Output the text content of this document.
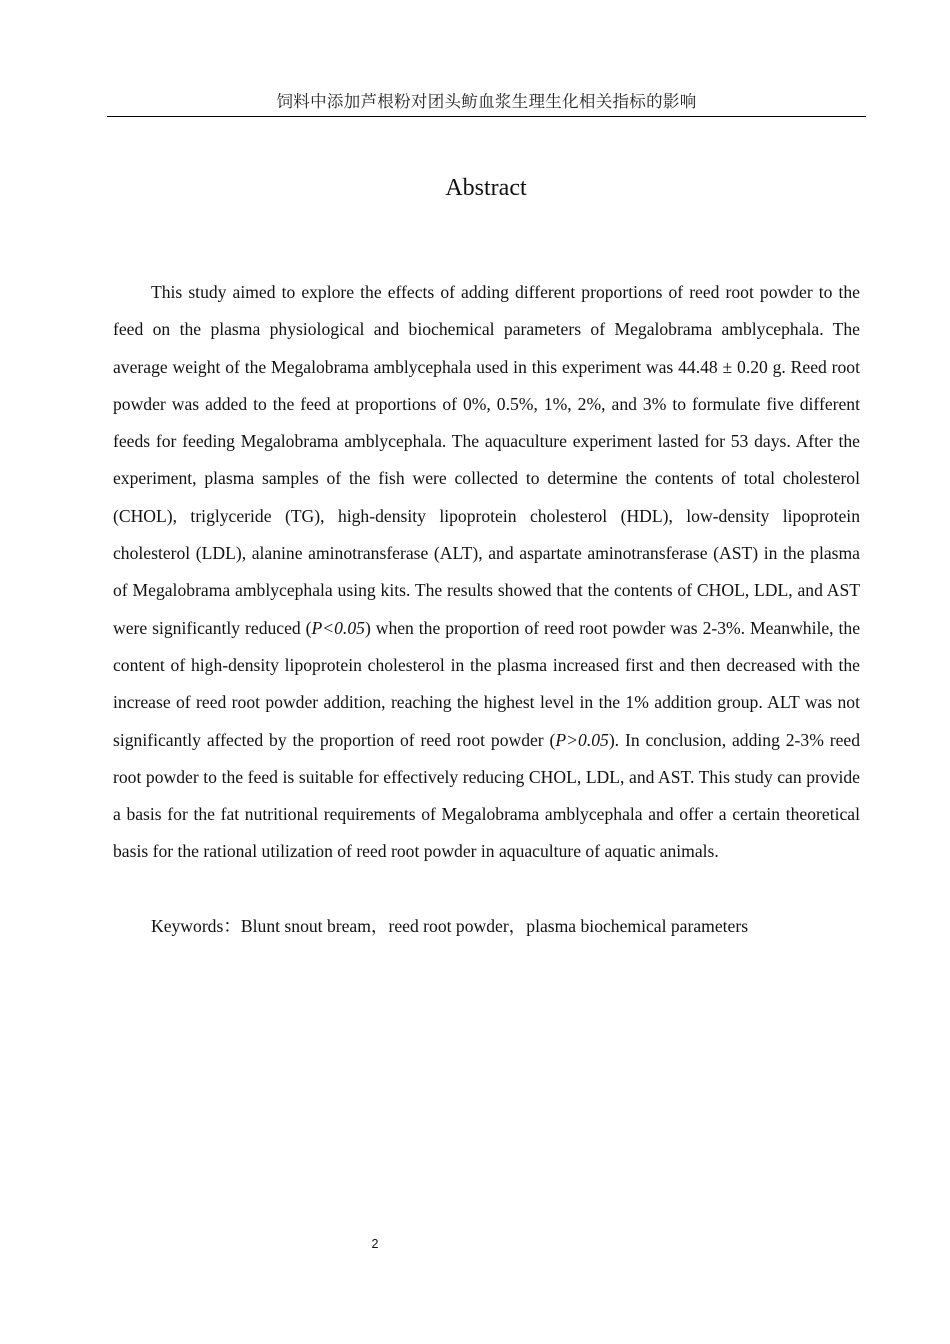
饲料中添加芦根粉对团头鲂血浆生理生化相关指标的影响
Abstract

This study aimed to explore the effects of adding different proportions of reed root powder to the feed on the plasma physiological and biochemical parameters of Megalobrama amblycephala. The average weight of the Megalobrama amblycephala used in this experiment was 44.48 ± 0.20 g. Reed root powder was added to the feed at proportions of 0%, 0.5%, 1%, 2%, and 3% to formulate five different feeds for feeding Megalobrama amblycephala. The aquaculture experiment lasted for 53 days. After the experiment, plasma samples of the fish were collected to determine the contents of total cholesterol (CHOL), triglyceride (TG), high-density lipoprotein cholesterol (HDL), low-density lipoprotein cholesterol (LDL), alanine aminotransferase (ALT), and aspartate aminotransferase (AST) in the plasma of Megalobrama amblycephala using kits. The results showed that the contents of CHOL, LDL, and AST were significantly reduced (P<0.05) when the proportion of reed root powder was 2-3%. Meanwhile, the content of high-density lipoprotein cholesterol in the plasma increased first and then decreased with the increase of reed root powder addition, reaching the highest level in the 1% addition group. ALT was not significantly affected by the proportion of reed root powder (P>0.05). In conclusion, adding 2-3% reed root powder to the feed is suitable for effectively reducing CHOL, LDL, and AST. This study can provide a basis for the fat nutritional requirements of Megalobrama amblycephala and offer a certain theoretical basis for the rational utilization of reed root powder in aquaculture of aquatic animals.

Keywords：Blunt snout bream，reed root powder，plasma biochemical parameters

2
